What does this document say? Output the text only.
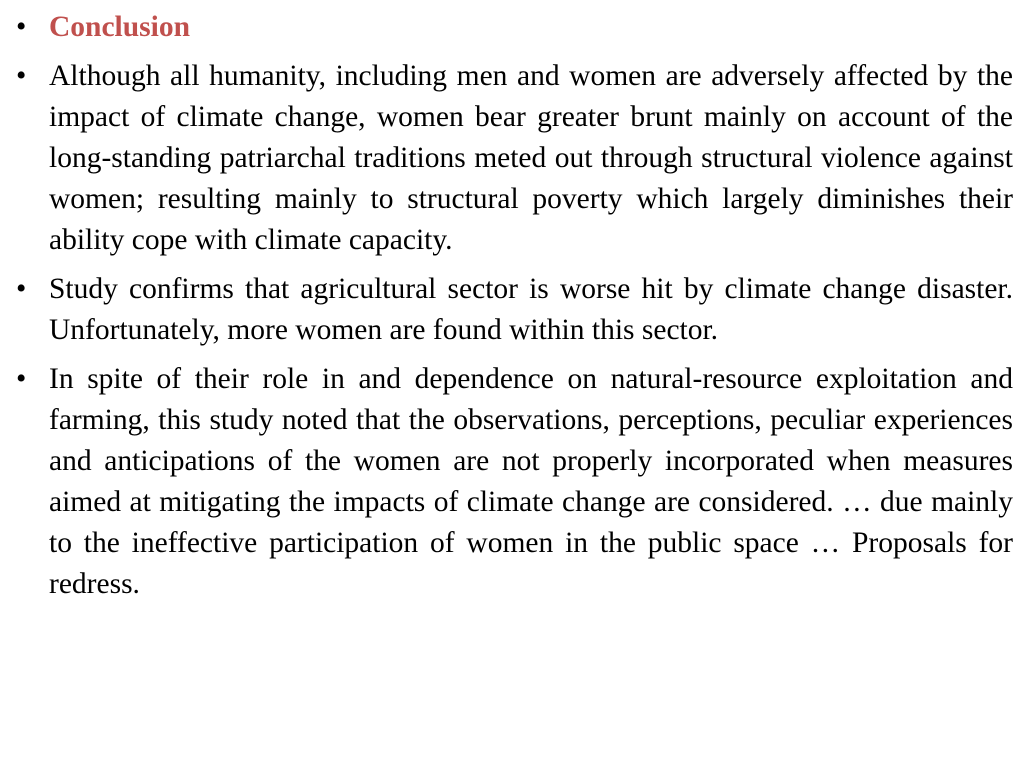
• Conclusion
• Although all humanity, including men and women are adversely affected by the impact of climate change, women bear greater brunt mainly on account of the long-standing patriarchal traditions meted out through structural violence against women; resulting mainly to structural poverty which largely diminishes their ability cope with climate capacity.
• Study confirms that agricultural sector is worse hit by climate change disaster. Unfortunately, more women are found within this sector.
• In spite of their role in and dependence on natural-resource exploitation and farming, this study noted that the observations, perceptions, peculiar experiences and anticipations of the women are not properly incorporated when measures aimed at mitigating the impacts of climate change are considered. … due mainly to the ineffective participation of women in the public space … Proposals for redress.
